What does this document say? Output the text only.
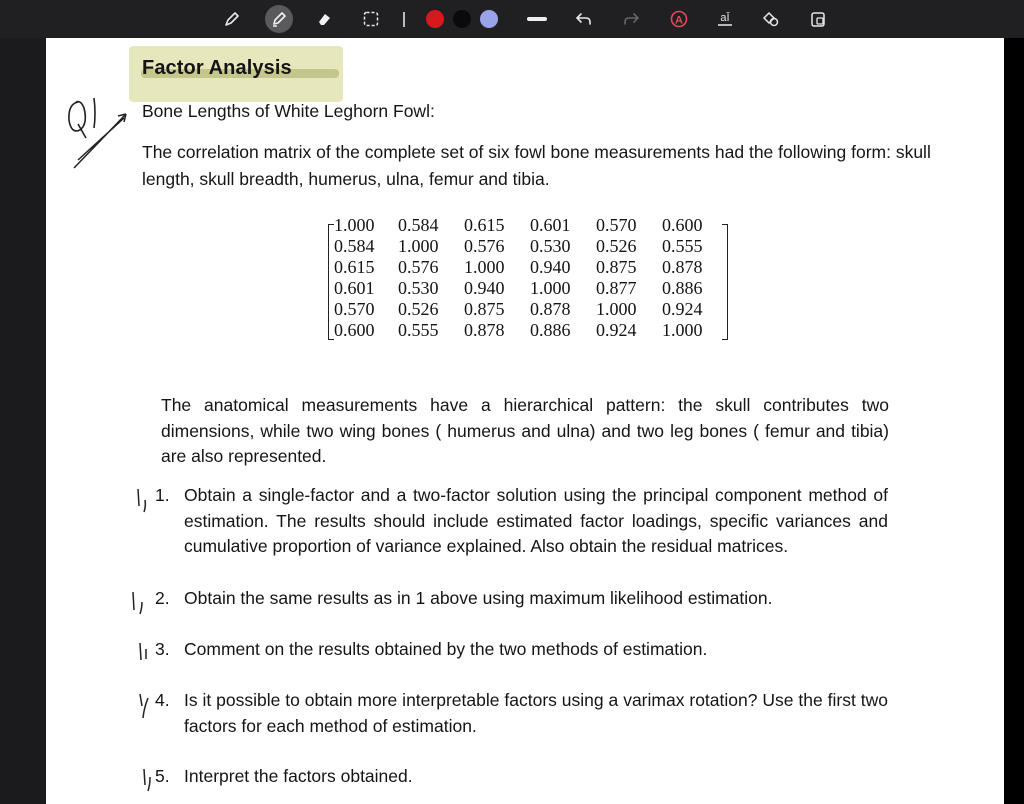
A	aĪ
Factor Analysis
Bone Lengths of White Leghorn Fowl:
The correlation matrix of the complete set of six fowl bone measurements had the following form: skull length, skull breadth, humerus, ulna, femur and tibia.
1.000	0.584	0.615	0.601	0.570	0.600
0.584	1.000	0.576	0.530	0.526	0.555
0.615	0.576	1.000	0.940	0.875	0.878
0.601	0.530	0.940	1.000	0.877	0.886
0.570	0.526	0.875	0.878	1.000	0.924
0.600	0.555	0.878	0.886	0.924	1.000
The anatomical measurements have a hierarchical pattern: the skull contributes two dimensions, while two wing bones ( humerus and ulna) and two leg bones ( femur and tibia) are also represented.
1. Obtain a single-factor and a two-factor solution using the principal component method of estimation. The results should include estimated factor loadings, specific variances and cumulative proportion of variance explained. Also obtain the residual matrices.
2. Obtain the same results as in 1 above using maximum likelihood estimation.
3. Comment on the results obtained by the two methods of estimation.
4. Is it possible to obtain more interpretable factors using a varimax rotation? Use the first two factors for each method of estimation.
5. Interpret the factors obtained.
